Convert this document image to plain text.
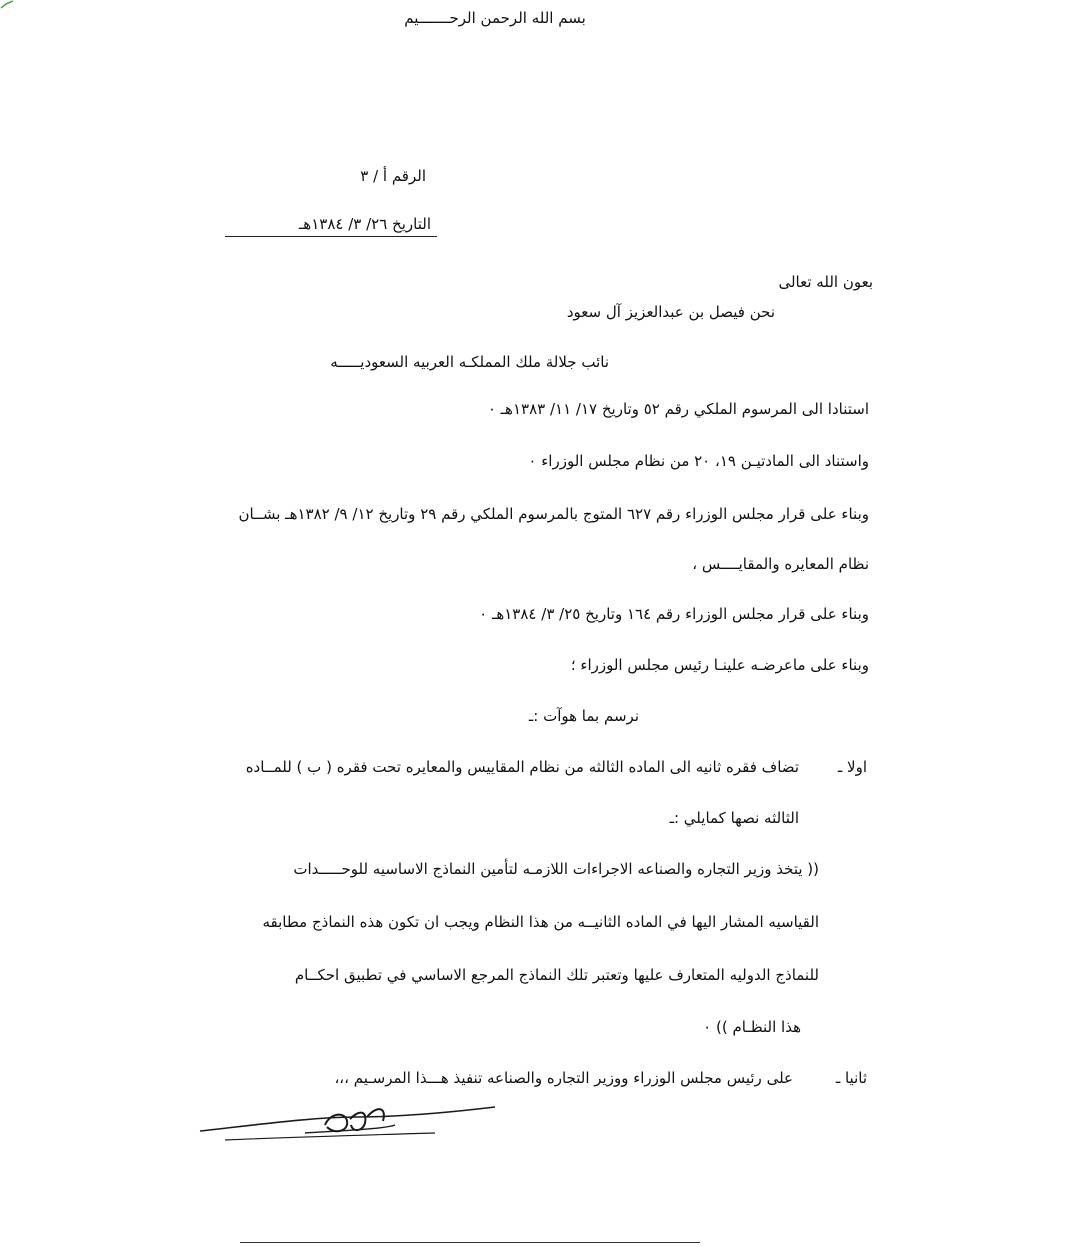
بسم الله الرحمن الرحـــــــيم
الرقم أ / ٣
التاريخ ٢٦/ ٣/ ١٣٨٤هـ
بعون الله تعالى
نحن فيصل بن عبدالعزيز آل سعود
نائب جلالة ملك المملكـه العربيه السعوديـــــه
استنادا الى المرسوم الملكي رقم ٥٢ وتاريخ ١٧/ ١١/ ١٣٨٣هـ ٠
واستناد الى المادتيـن ١٩، ٢٠ من نظام مجلس الوزراء ٠
وبناء على قرار مجلس الوزراء رقم ٦٢٧ المتوج بالمرسوم الملكي رقم ٢٩ وتاريخ ١٢/ ٩/ ١٣٨٢هـ بشــان
نظام المعايره والمقايــــس ،
وبناء على قرار مجلس الوزراء رقم ١٦٤ وتاريخ ٢٥/ ٣/ ١٣٨٤هـ ٠
وبناء على ماعرضـه علينـا رئيس مجلس الوزراء ؛
نرسم بما هوآت :ـ
اولا ـ
تضاف فقره ثانيه الى الماده الثالثه من نظام المقاييس والمعايره تحت فقره ( ب ) للمــاده
الثالثه نصها كمايلي :ـ
(( يتخذ وزير التجاره والصناعه الاجراءات اللازمـه لتأمين النماذج الاساسيه للوحـــــدات
القياسيه المشار اليها في الماده الثانيــه من هذا النظام ويجب ان تكون هذه النماذج مطابقه
للنماذج الدوليه المتعارف عليها وتعتبر تلك النماذج المرجع الاساسي في تطبيق احكــام
هذا النظـام )) ٠
ثانيا ـ
على رئيس مجلس الوزراء ووزير التجاره والصناعه تنفيذ هـــذا المرسـيم ،،،
